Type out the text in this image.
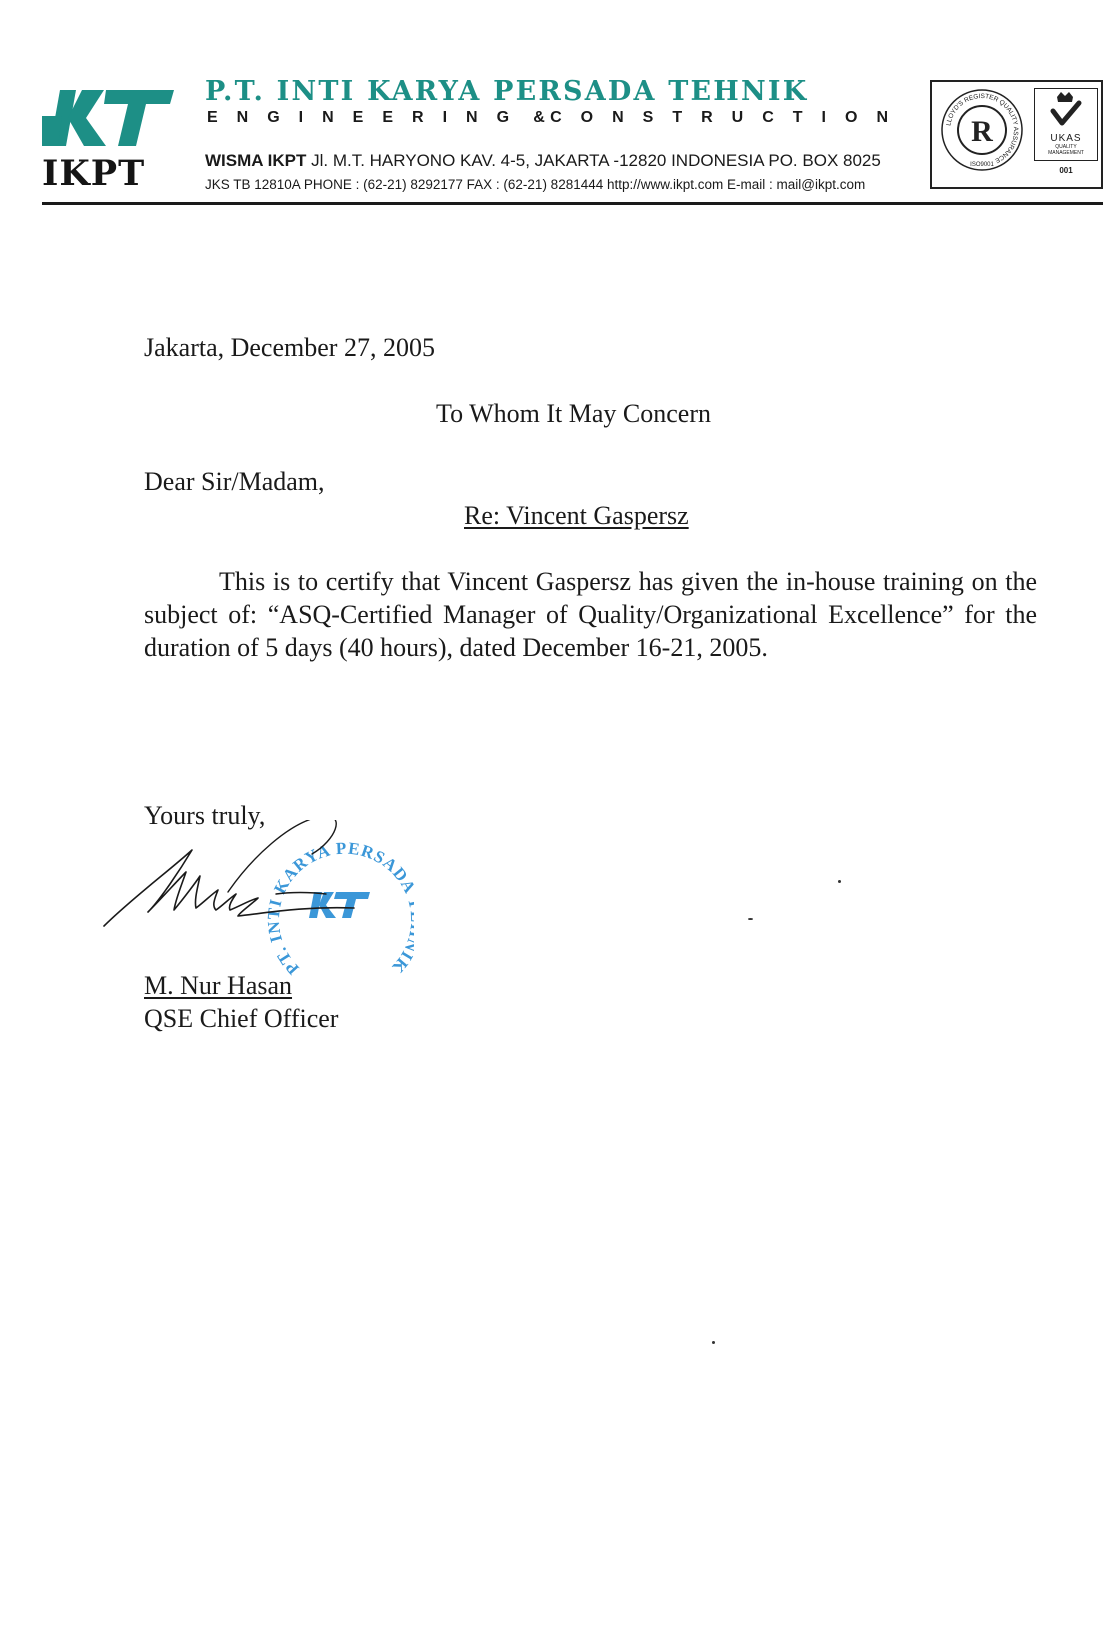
IKPT
P.T. INTI KARYA PERSADA TEHNIK
ENGINEERING & CONSTRUCTION
WISMA IKPT Jl. M.T. HARYONO KAV. 4-5, JAKARTA -12820 INDONESIA PO. BOX 8025
JKS TB 12810A PHONE : (62-21) 8292177 FAX : (62-21) 8281444 http://www.ikpt.com E-mail : mail@ikpt.com
LLOYD'S REGISTER QUALITY ASSURANCE
R
ISO9001
UKAS
QUALITY
MANAGEMENT
001
Jakarta, December 27, 2005
To Whom It May Concern
Dear Sir/Madam,
Re: Vincent Gaspersz
This is to certify that Vincent Gaspersz has given the in-house training on the subject of: “ASQ-Certified Manager of Quality/Organizational Excellence” for the duration of 5 days (40 hours), dated December 16-21, 2005.
Yours truly,
PT. INTI KARYA PERSAD K
M. Nur Hasan
QSE Chief Officer
